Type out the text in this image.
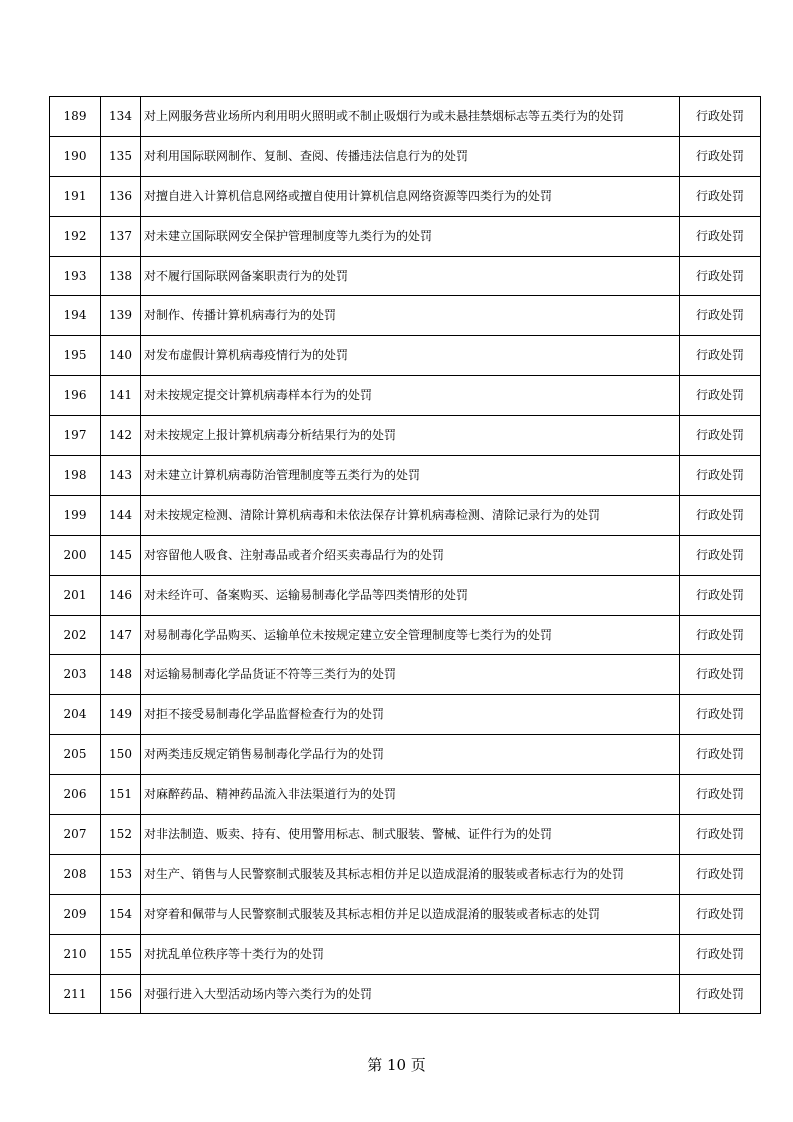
189	134	对上网服务营业场所内利用明火照明或不制止吸烟行为或未悬挂禁烟标志等五类行为的处罚	行政处罚
190	135	对利用国际联网制作、复制、查阅、传播违法信息行为的处罚	行政处罚
191	136	对擅自进入计算机信息网络或擅自使用计算机信息网络资源等四类行为的处罚	行政处罚
192	137	对未建立国际联网安全保护管理制度等九类行为的处罚	行政处罚
193	138	对不履行国际联网备案职责行为的处罚	行政处罚
194	139	对制作、传播计算机病毒行为的处罚	行政处罚
195	140	对发布虚假计算机病毒疫情行为的处罚	行政处罚
196	141	对未按规定提交计算机病毒样本行为的处罚	行政处罚
197	142	对未按规定上报计算机病毒分析结果行为的处罚	行政处罚
198	143	对未建立计算机病毒防治管理制度等五类行为的处罚	行政处罚
199	144	对未按规定检测、清除计算机病毒和未依法保存计算机病毒检测、清除记录行为的处罚	行政处罚
200	145	对容留他人吸食、注射毒品或者介绍买卖毒品行为的处罚	行政处罚
201	146	对未经许可、备案购买、运输易制毒化学品等四类情形的处罚	行政处罚
202	147	对易制毒化学品购买、运输单位未按规定建立安全管理制度等七类行为的处罚	行政处罚
203	148	对运输易制毒化学品货证不符等三类行为的处罚	行政处罚
204	149	对拒不接受易制毒化学品监督检查行为的处罚	行政处罚
205	150	对两类违反规定销售易制毒化学品行为的处罚	行政处罚
206	151	对麻醉药品、精神药品流入非法渠道行为的处罚	行政处罚
207	152	对非法制造、贩卖、持有、使用警用标志、制式服装、警械、证件行为的处罚	行政处罚
208	153	对生产、销售与人民警察制式服装及其标志相仿并足以造成混淆的服装或者标志行为的处罚	行政处罚
209	154	对穿着和佩带与人民警察制式服装及其标志相仿并足以造成混淆的服装或者标志的处罚	行政处罚
210	155	对扰乱单位秩序等十类行为的处罚	行政处罚
211	156	对强行进入大型活动场内等六类行为的处罚	行政处罚
第 10 页
